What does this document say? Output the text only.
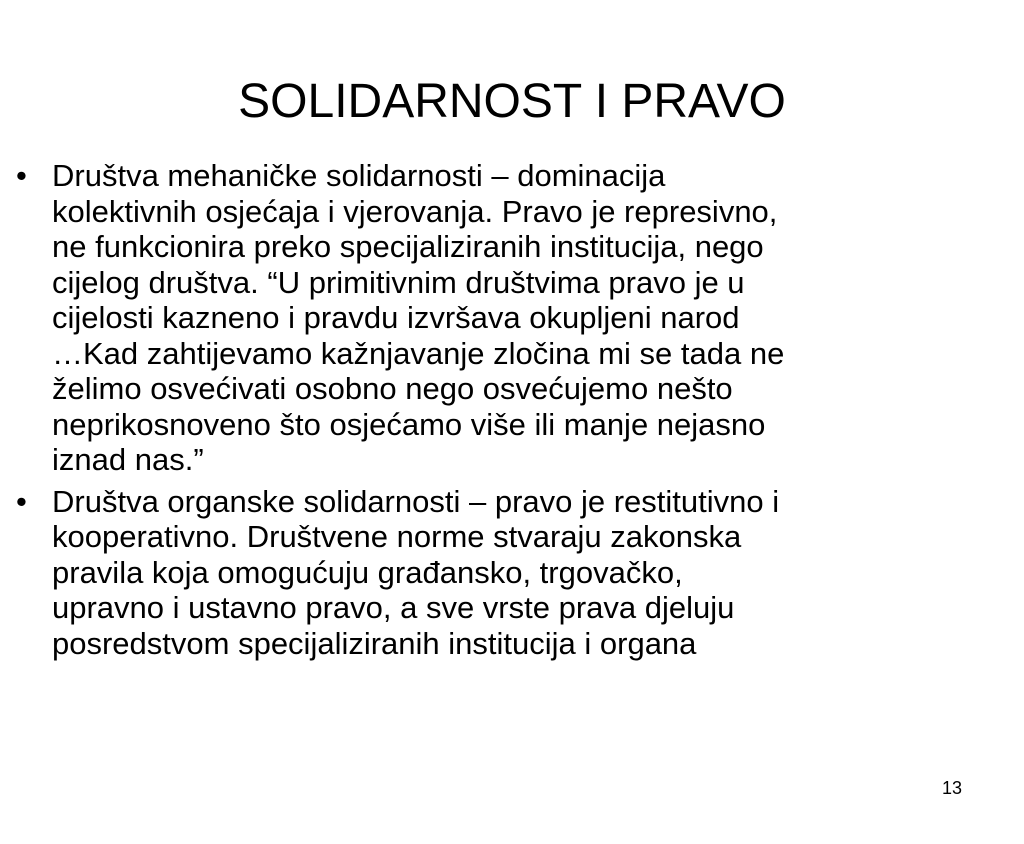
SOLIDARNOST I PRAVO
• Društva mehaničke solidarnosti – dominacija
kolektivnih osjećaja i vjerovanja. Pravo je represivno,
ne funkcionira preko specijaliziranih institucija, nego
cijelog društva. “U primitivnim društvima pravo je u
cijelosti kazneno i pravdu izvršava okupljeni narod
…Kad zahtijevamo kažnjavanje zločina mi se tada ne
želimo osvećivati osobno nego osvećujemo nešto
neprikosnoveno što osjećamo više ili manje nejasno
iznad nas.”
• Društva organske solidarnosti – pravo je restitutivno i
kooperativno. Društvene norme stvaraju zakonska
pravila koja omogućuju građansko, trgovačko,
upravno i ustavno pravo, a sve vrste prava djeluju
posredstvom specijaliziranih institucija i organa
13
